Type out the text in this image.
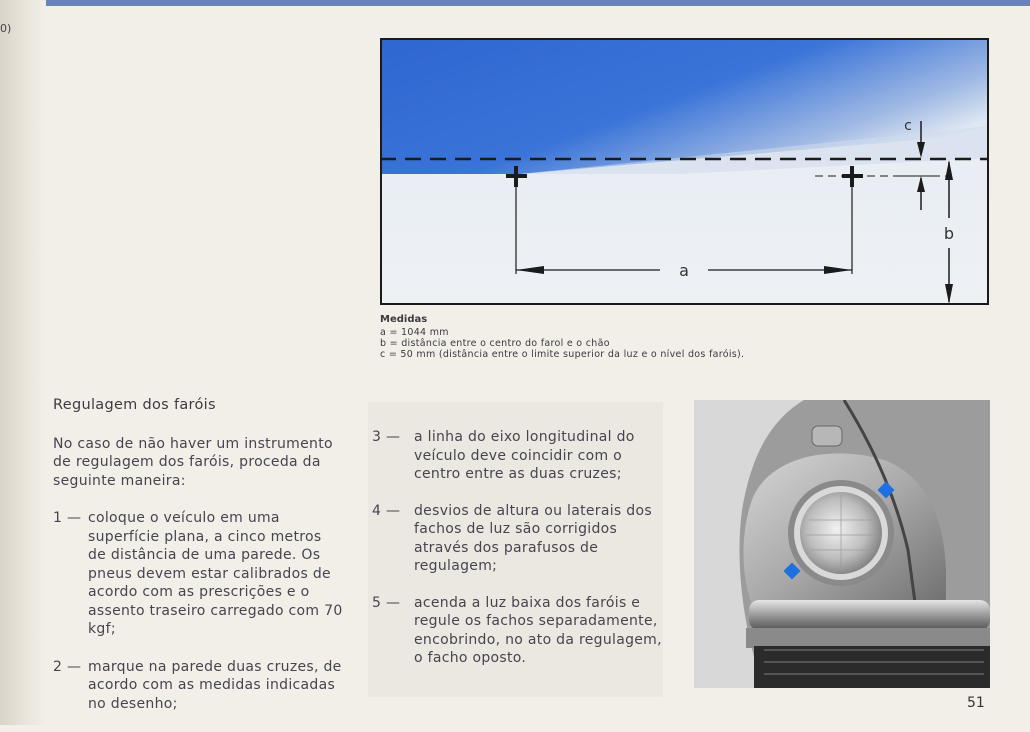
0)
a
c
b
Medidas
a = 1044 mm
b = distância entre o centro do farol e o chão
c = 50 mm (distância entre o limite superior da luz e o nível dos faróis).
Regulagem dos faróis
No caso de não haver um instrumento de regulagem dos faróis, proceda da seguinte maneira:
1 — coloque o veículo em uma superfície plana, a cinco metros de distância de uma parede. Os pneus devem estar calibrados de acordo com as prescrições e o assento traseiro carregado com 70 kgf;
2 — marque na parede duas cruzes, de acordo com as medidas indicadas no desenho;
3 — a linha do eixo longitudinal do veículo deve coincidir com o centro entre as duas cruzes;
4 — desvios de altura ou laterais dos fachos de luz são corrigidos através dos parafusos de regulagem;
5 — acenda a luz baixa dos faróis e regule os fachos separadamente, encobrindo, no ato da regulagem, o facho oposto.
51
